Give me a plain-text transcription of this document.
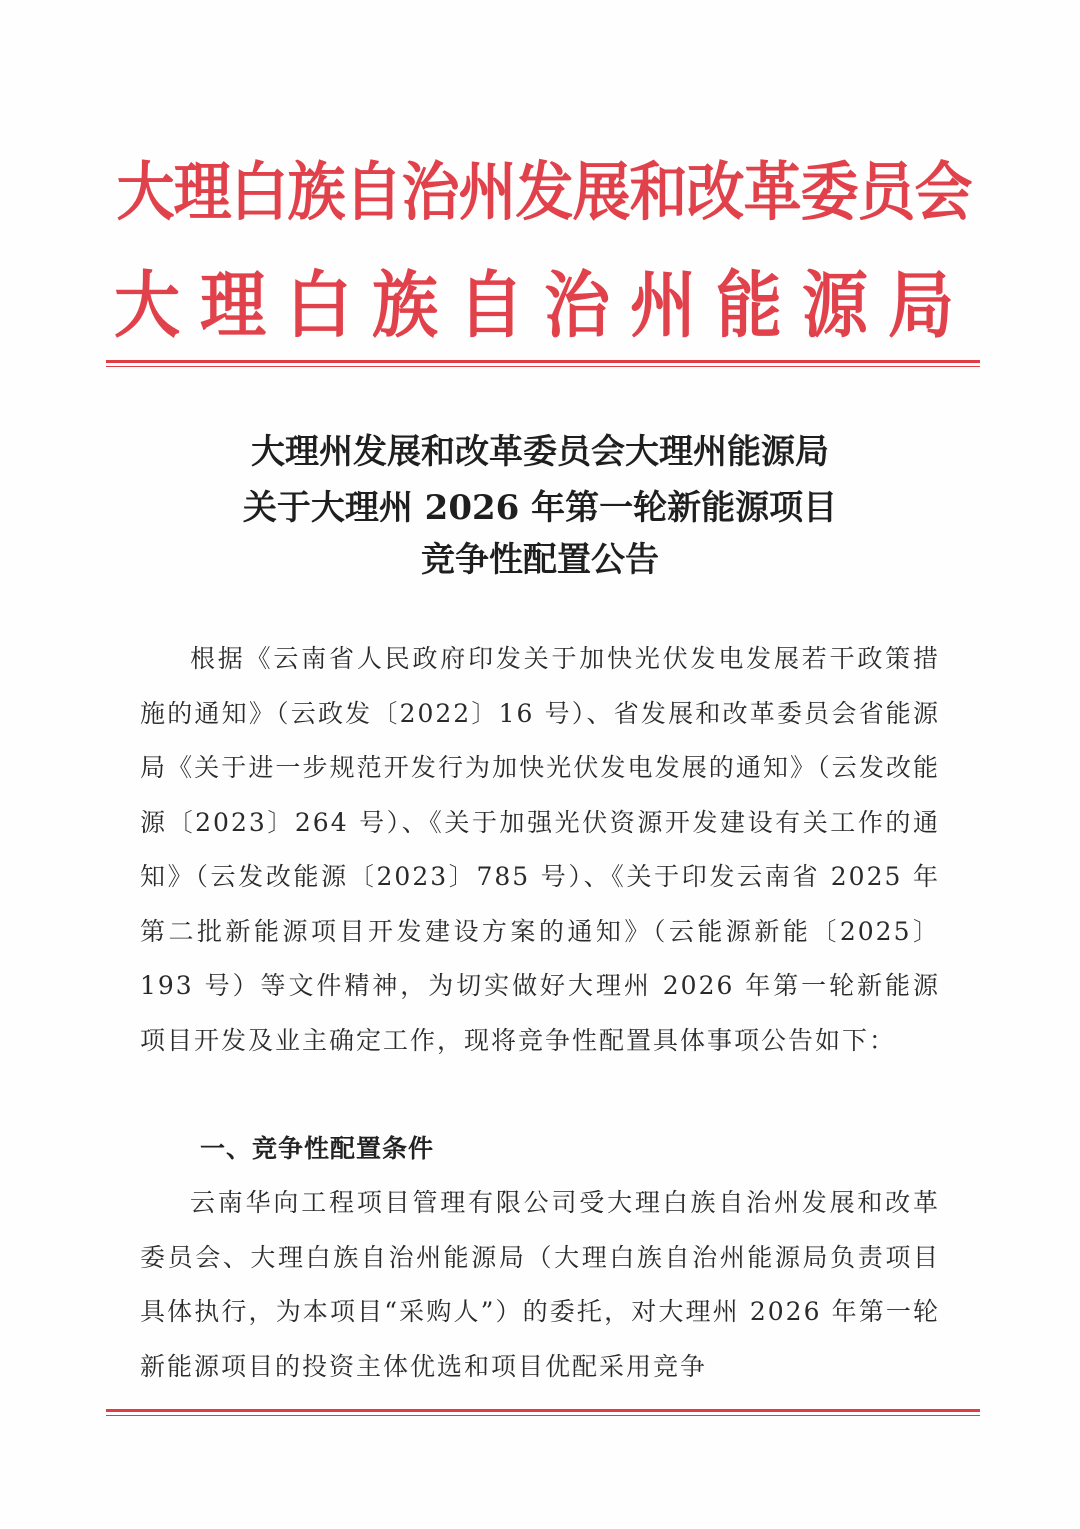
大理白族自治州发展和改革委员会
大理白族自治州能源局
大理州发展和改革委员会大理州能源局
关于大理州 2026 年第一轮新能源项目
竞争性配置公告

根据《云南省人民政府印发关于加快光伏发电发展若干政策措施的通知》（云政发〔2022〕16 号）、省发展和改革委员会省能源局《关于进一步规范开发行为加快光伏发电发展的通知》（云发改能源〔2023〕264 号）、《关于加强光伏资源开发建设有关工作的通知》（云发改能源〔2023〕785 号）、《关于印发云南省 2025 年第二批新能源项目开发建设方案的通知》（云能源新能〔2025〕193 号）等文件精神，为切实做好大理州 2026 年第一轮新能源项目开发及业主确定工作，现将竞争性配置具体事项公告如下：

一、竞争性配置条件

云南华向工程项目管理有限公司受大理白族自治州发展和改革委员会、大理白族自治州能源局（大理白族自治州能源局负责项目具体执行，为本项目“采购人”）的委托，对大理州 2026 年第一轮新能源项目的投资主体优选和项目优配采用竞争
